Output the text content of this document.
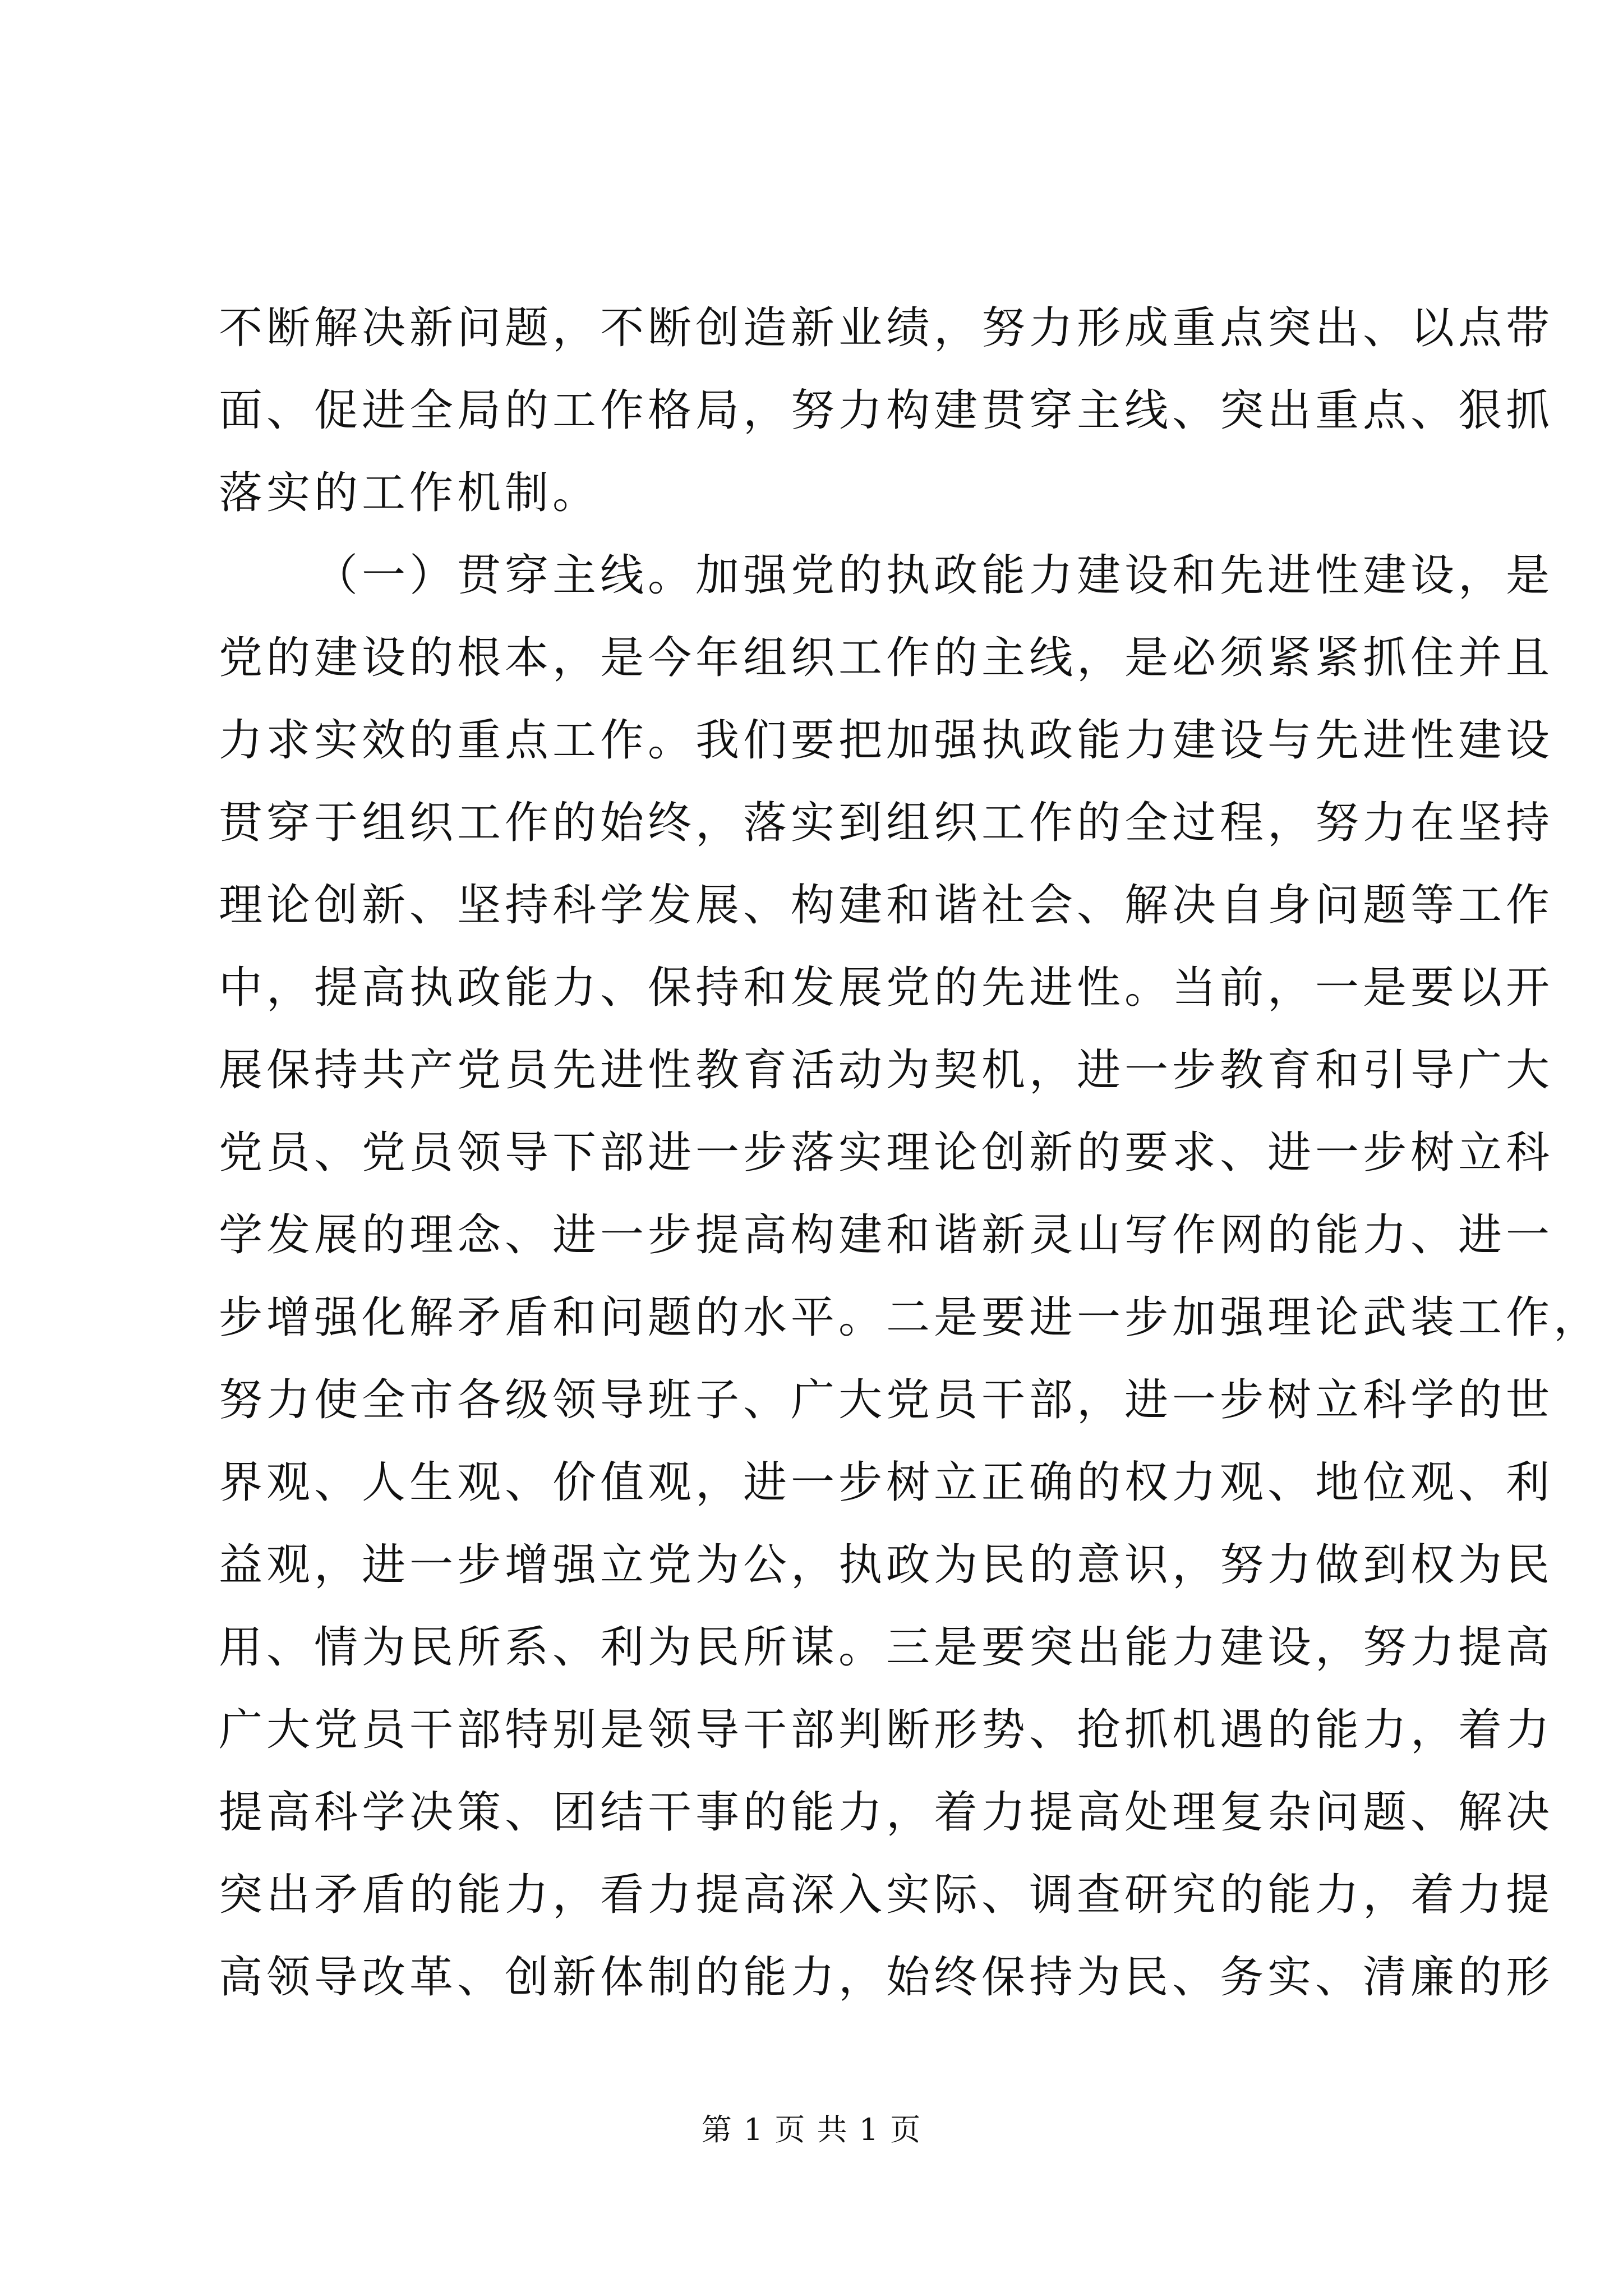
不断解决新问题，不断创造新业绩，努力形成重点突出、以点带
面、促进全局的工作格局，努力构建贯穿主线、突出重点、狠抓
落实的工作机制。
（一）贯穿主线。加强党的执政能力建设和先进性建设，是
党的建设的根本，是今年组织工作的主线，是必须紧紧抓住并且
力求实效的重点工作。我们要把加强执政能力建设与先进性建设
贯穿于组织工作的始终，落实到组织工作的全过程，努力在坚持
理论创新、坚持科学发展、构建和谐社会、解决自身问题等工作
中，提高执政能力、保持和发展党的先进性。当前，一是要以开
展保持共产党员先进性教育活动为契机，进一步教育和引导广大
党员、党员领导下部进一步落实理论创新的要求、进一步树立科
学发展的理念、进一步提高构建和谐新灵山写作网的能力、进一
步增强化解矛盾和问题的水平。二是要进一步加强理论武装工作，
努力使全市各级领导班子、广大党员干部，进一步树立科学的世
界观、人生观、价值观，进一步树立正确的权力观、地位观、利
益观，进一步增强立党为公，执政为民的意识，努力做到权为民
用、情为民所系、利为民所谋。三是要突出能力建设，努力提高
广大党员干部特别是领导干部判断形势、抢抓机遇的能力，着力
提高科学决策、团结干事的能力，着力提高处理复杂问题、解决
突出矛盾的能力，看力提高深入实际、调查研究的能力，着力提
高领导改革、创新体制的能力，始终保持为民、务实、清廉的形
第 1 页 共 1 页
